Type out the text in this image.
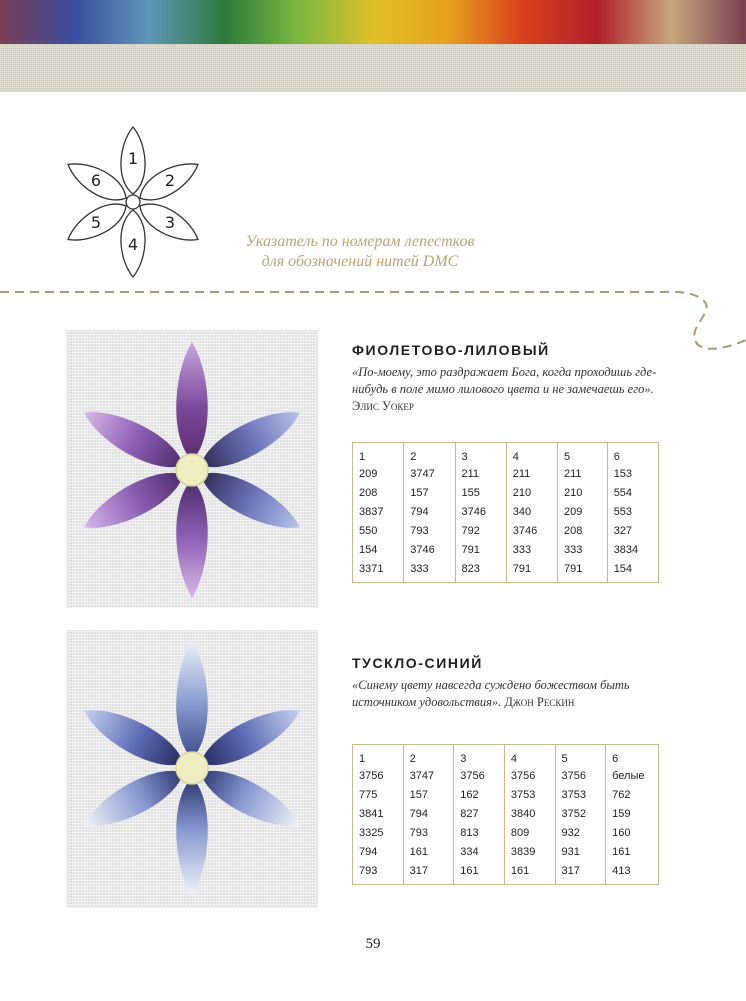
1
2
3
4
5
6
Указатель по номерам лепестков
для обозначений нитей DMC
ФИОЛЕТОВО-ЛИЛОВЫЙ
«По-моему, это раздражает Бога, когда проходишь где-нибудь в поле мимо лилового цвета и не замечаешь его». Элис Уокер
1	2	3	4	5	6
209	3747	211	211	211	153
208	157	155	210	210	554
3837	794	3746	340	209	553
550	793	792	3746	208	327
154	3746	791	333	333	3834
3371	333	823	791	791	154
ТУСКЛО-СИНИЙ
«Синему цвету навсегда суждено божеством быть источником удовольствия». Джон Рескин
1	2	3	4	5	6
3756	3747	3756	3756	3756	белые
775	157	162	3753	3753	762
3841	794	827	3840	3752	159
3325	793	813	809	932	160
794	161	334	3839	931	161
793	317	161	161	317	413
59
